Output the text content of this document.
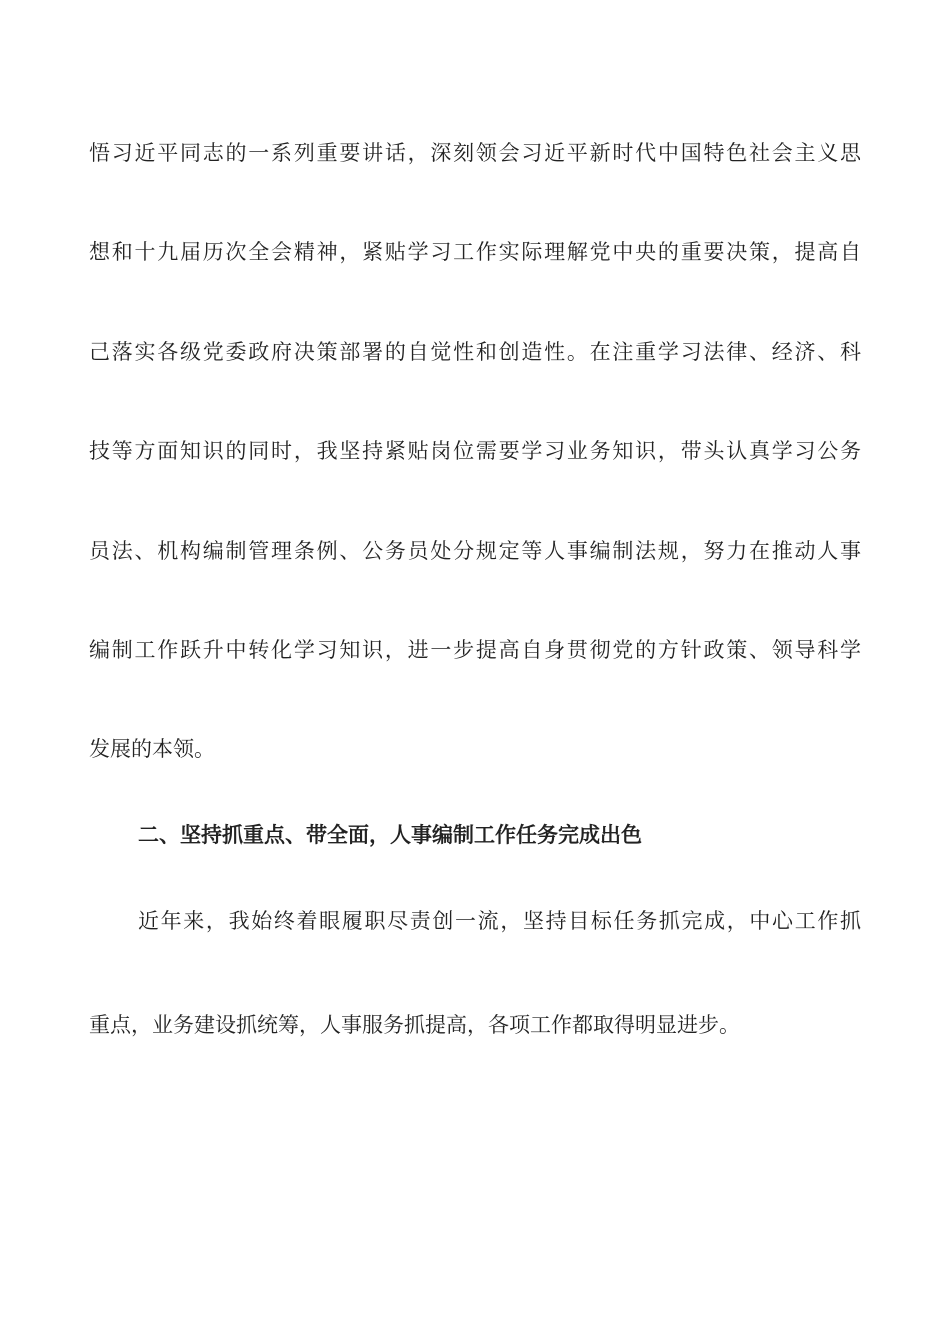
悟习近平同志的一系列重要讲话，深刻领会习近平新时代中国特色社会主义思
想和十九届历次全会精神，紧贴学习工作实际理解党中央的重要决策，提高自
己落实各级党委政府决策部署的自觉性和创造性。在注重学习法律、经济、科
技等方面知识的同时，我坚持紧贴岗位需要学习业务知识，带头认真学习公务
员法、机构编制管理条例、公务员处分规定等人事编制法规，努力在推动人事
编制工作跃升中转化学习知识，进一步提高自身贯彻党的方针政策、领导科学
发展的本领。
二、坚持抓重点、带全面，人事编制工作任务完成出色
近年来，我始终着眼履职尽责创一流，坚持目标任务抓完成，中心工作抓
重点，业务建设抓统筹，人事服务抓提高，各项工作都取得明显进步。
